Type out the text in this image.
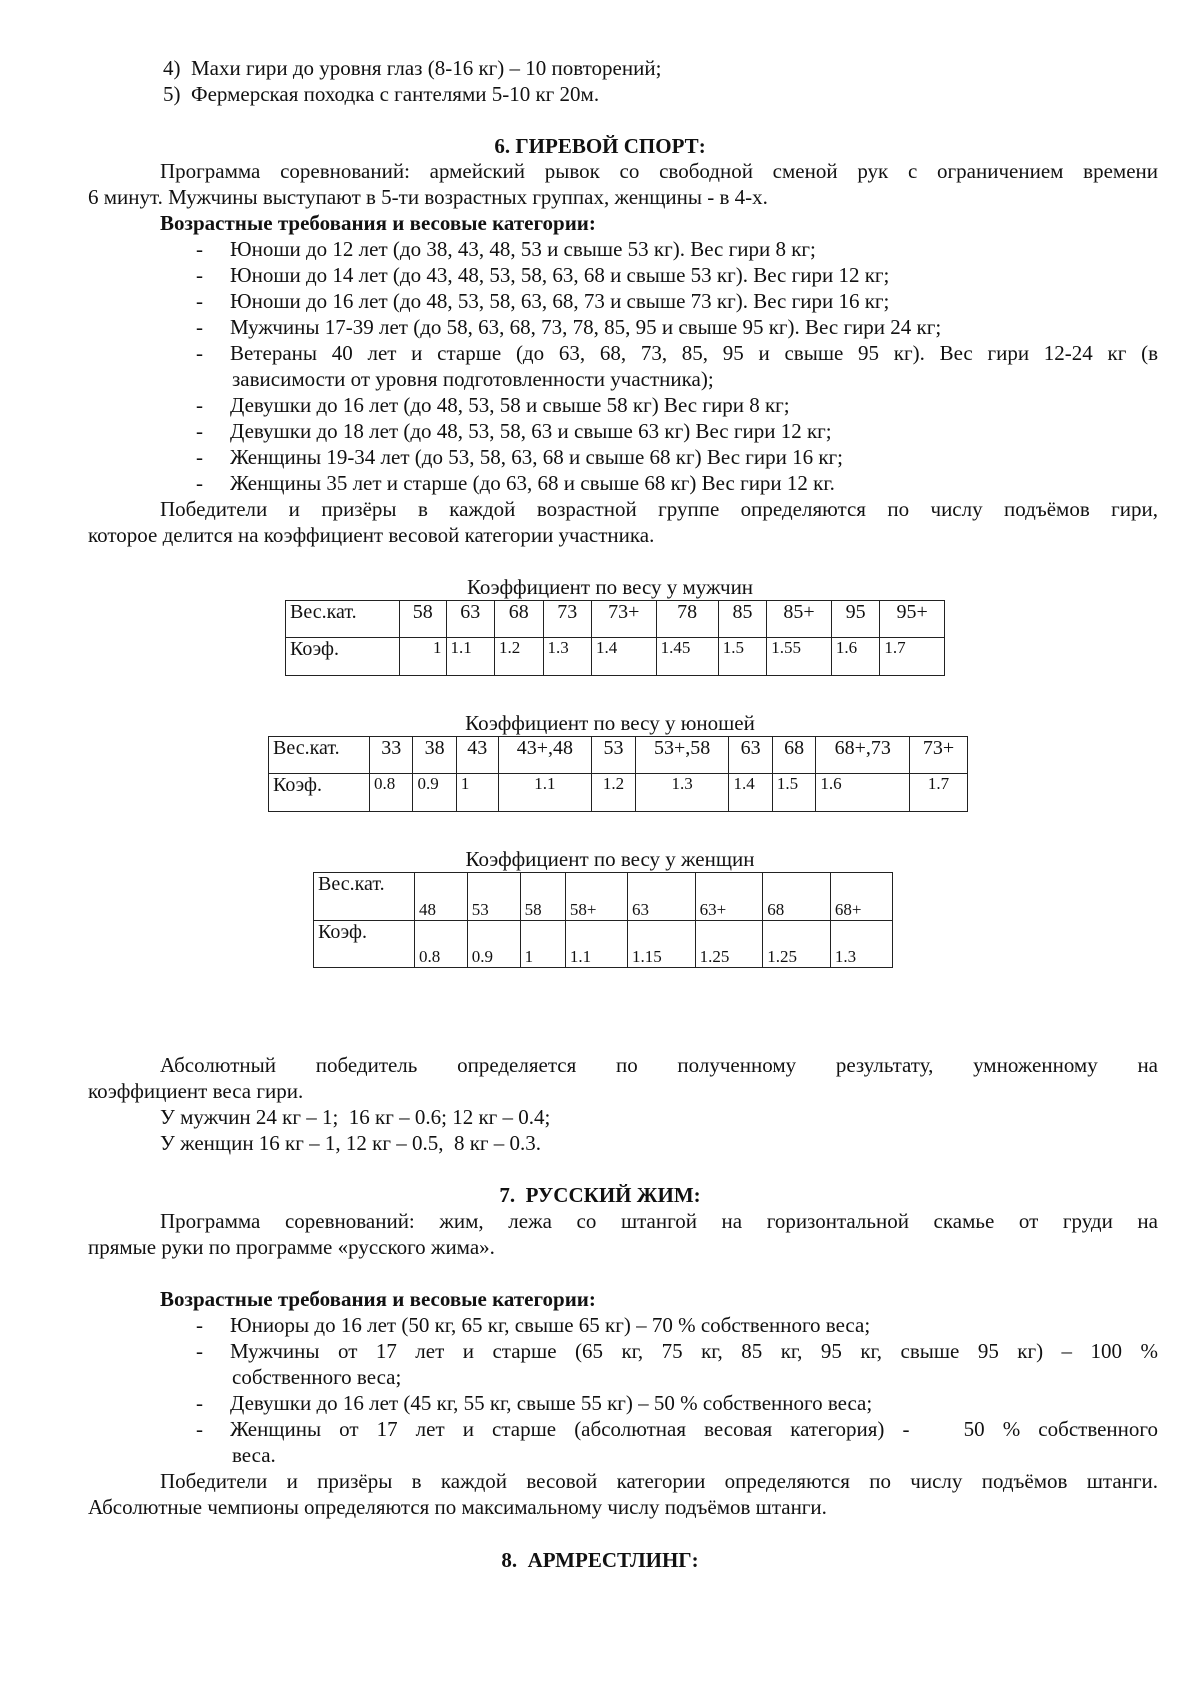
4)  Махи гири до уровня глаз (8-16 кг) – 10 повторений;
5)  Фермерская походка с гантелями 5-10 кг 20м.
6. ГИРЕВОЙ СПОРТ:
Программа соревнований: армейский рывок со свободной сменой рук с ограничением времени
6 минут. Мужчины выступают в 5-ти возрастных группах, женщины - в 4-х.
Возрастные требования и весовые категории:
- Юноши до 12 лет (до 38, 43, 48, 53 и свыше 53 кг). Вес гири 8 кг;
- Юноши до 14 лет (до 43, 48, 53, 58, 63, 68 и свыше 53 кг). Вес гири 12 кг;
- Юноши до 16 лет (до 48, 53, 58, 63, 68, 73 и свыше 73 кг). Вес гири 16 кг;
- Мужчины 17-39 лет (до 58, 63, 68, 73, 78, 85, 95 и свыше 95 кг). Вес гири 24 кг;
- Ветераны 40 лет и старше (до 63, 68, 73, 85, 95 и свыше 95 кг). Вес гири 12-24 кг (в
зависимости от уровня подготовленности участника);
- Девушки до 16 лет (до 48, 53, 58 и свыше 58 кг) Вес гири 8 кг;
- Девушки до 18 лет (до 48, 53, 58, 63 и свыше 63 кг) Вес гири 12 кг;
- Женщины 19-34 лет (до 53, 58, 63, 68 и свыше 68 кг) Вес гири 16 кг;
- Женщины 35 лет и старше (до 63, 68 и свыше 68 кг) Вес гири 12 кг.
Победители и призёры в каждой возрастной группе определяются по числу подъёмов гири,
которое делится на коэффициент весовой категории участника.
Коэффициент по весу у мужчин
Вес.кат.	58	63	68	73	73+	78	85	85+	95	95+
Коэф.	1	1.1	1.2	1.3	1.4	1.45	1.5	1.55	1.6	1.7
Коэффициент по весу у юношей
Вес.кат.	33	38	43	43+,48	53	53+,58	63	68	68+,73	73+
Коэф.	0.8	0.9	1	1.1	1.2	1.3	1.4	1.5	1.6	1.7
Коэффициент по весу у женщин
Вес.кат.	48	53	58	58+	63	63+	68	68+
Коэф.	0.8	0.9	1	1.1	1.15	1.25	1.25	1.3
Абсолютный победитель определяется по полученному результату, умноженному на
коэффициент веса гири.
У мужчин 24 кг – 1;  16 кг – 0.6; 12 кг – 0.4;
У женщин 16 кг – 1, 12 кг – 0.5,  8 кг – 0.3.
7.  РУССКИЙ ЖИМ:
Программа соревнований: жим, лежа со штангой на горизонтальной скамье от груди на
прямые руки по программе «русского жима».
Возрастные требования и весовые категории:
- Юниоры до 16 лет (50 кг, 65 кг, свыше 65 кг) – 70 % собственного веса;
- Мужчины от 17 лет и старше (65 кг, 75 кг, 85 кг, 95 кг, свыше 95 кг) – 100 %
собственного веса;
- Девушки до 16 лет (45 кг, 55 кг, свыше 55 кг) – 50 % собственного веса;
- Женщины от 17 лет и старше (абсолютная весовая категория) -   50 % собственного
веса.
Победители и призёры в каждой весовой категории определяются по числу подъёмов штанги.
Абсолютные чемпионы определяются по максимальному числу подъёмов штанги.
8.  АРМРЕСТЛИНГ:
